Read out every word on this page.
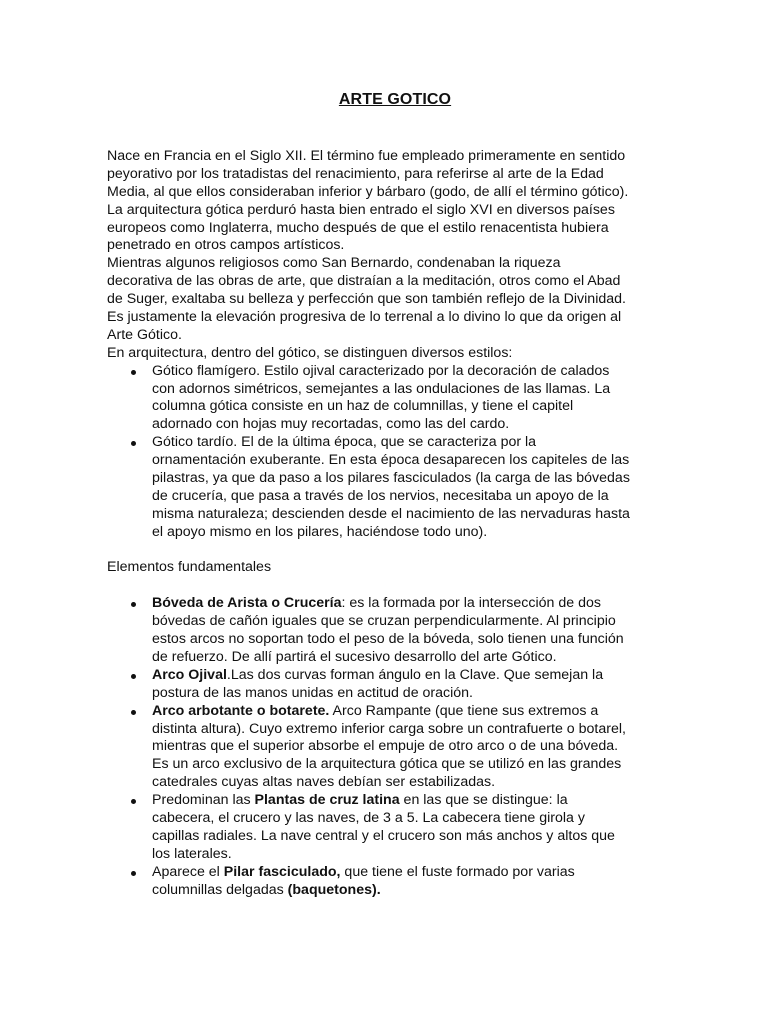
ARTE GOTICO
Nace en Francia en el Siglo XII. El término fue empleado primeramente en sentido
peyorativo por los tratadistas del renacimiento, para referirse al arte de la Edad
Media, al que ellos consideraban inferior y bárbaro (godo, de allí el término gótico).
La arquitectura gótica perduró hasta bien entrado el siglo XVI en diversos países
europeos como Inglaterra, mucho después de que el estilo renacentista hubiera
penetrado en otros campos artísticos.
Mientras algunos religiosos como San Bernardo, condenaban la riqueza
decorativa de las obras de arte, que distraían a la meditación, otros como el Abad
de Suger, exaltaba su belleza y perfección que son también reflejo de la Divinidad.
Es justamente la elevación progresiva de lo terrenal a lo divino lo que da origen al
Arte Gótico.
En arquitectura, dentro del gótico, se distinguen diversos estilos:
Gótico flamígero. Estilo ojival caracterizado por la decoración de calados
con adornos simétricos, semejantes a las ondulaciones de las llamas. La
columna gótica consiste en un haz de columnillas, y tiene el capitel
adornado con hojas muy recortadas, como las del cardo.
Gótico tardío. El de la última época, que se caracteriza por la
ornamentación exuberante. En esta época desaparecen los capiteles de las
pilastras, ya que da paso a los pilares fasciculados (la carga de las bóvedas
de crucería, que pasa a través de los nervios, necesitaba un apoyo de la
misma naturaleza; descienden desde el nacimiento de las nervaduras hasta
el apoyo mismo en los pilares, haciéndose todo uno).
Elementos fundamentales
Bóveda de Arista o Crucería: es la formada por la intersección de dos
bóvedas de cañón iguales que se cruzan perpendicularmente. Al principio
estos arcos no soportan todo el peso de la bóveda, solo tienen una función
de refuerzo. De allí partirá el sucesivo desarrollo del arte Gótico.
Arco Ojival.Las dos curvas forman ángulo en la Clave. Que semejan la
postura de las manos unidas en actitud de oración.
Arco arbotante o botarete. Arco Rampante (que tiene sus extremos a
distinta altura). Cuyo extremo inferior carga sobre un contrafuerte o botarel,
mientras que el superior absorbe el empuje de otro arco o de una bóveda.
Es un arco exclusivo de la arquitectura gótica que se utilizó en las grandes
catedrales cuyas altas naves debían ser estabilizadas.
Predominan las Plantas de cruz latina en las que se distingue: la
cabecera, el crucero y las naves, de 3 a 5. La cabecera tiene girola y
capillas radiales. La nave central y el crucero son más anchos y altos que
los laterales.
Aparece el Pilar fasciculado, que tiene el fuste formado por varias
columnillas delgadas (baquetones).
